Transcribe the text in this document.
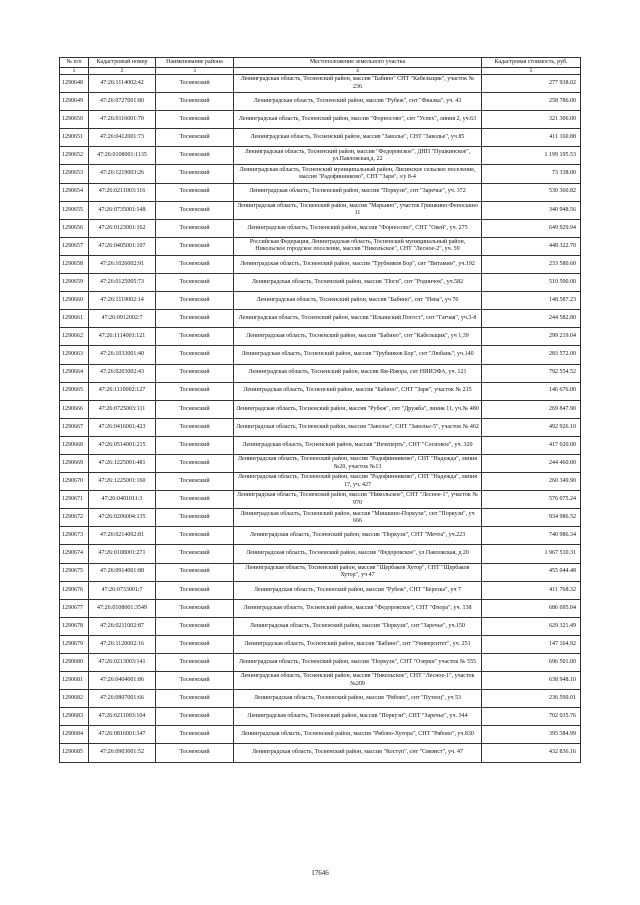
№ п/п	Кадастровый номер	Наименование района	Местоположение земельного участка	Кадастровая стоимость, руб.
1	2	3	4	5
1290648	47:26:1114002:42	Тосненский	Ленинградская область, Тосненский район, массив "Бабино" СНТ "Кабельщик", участок № 236	277 938.02
1290649	47:26:0727001:80	Тосненский	Ленинградская область, Тосненский район, массив "Рубеж", снт "Фиалка", уч. 43	258 786.00
1290650	47:26:0116001:70	Тосненский	Ленинградская область, Тосненский район, массив "Форносово", снт "Успех", линия 2, уч.63	321 306.00
1290651	47:26:0412001:73	Тосненский	Ленинградская область, Тосненский район, массив "Заволье", СНТ "Заволье", уч 85	411 160.88
1290652	47:26:0108001:1135	Тосненский	Ленинградская область, Тосненский район, массив "Федоровское", ДНП "Пушкинское", ул.Павловская,д. 22	1 199 195.53
1290653	47:26:1219003:26	Тосненский	Ленинградская область, Тосненский муниципальный район, Лисинское сельское поселение, массив "Радофинниково", СНТ "Заря", з/у 8-4	73 338.00
1290654	47:26:0211003:116	Тосненский	Ленинградская область, Тосненский район, массив "Поркузи", снт "Заречье", уч. 372	530 360.82
1290655	47:26:0735001:148	Тосненский	Ленинградская область, Тосненский район, массив "Марьино", участок Гришкино-Феносьино 11	340 948.56
1290656	47:26:0123001:162	Тосненский	Ленинградская область, Тосненский район, массив "Форносово", СНТ "Окей", уч. 275	649 929.94
1290657	47:26:0405001:107	Тосненский	Российская Федерация, Ленинградская область, Тосненский муниципальный район, Никольское городское поселение, массив "Никольское", СНТ "Лесное-2", уч. 59	448 322.70
1290658	47:26:1026002:91	Тосненский	Ленинградская область, Тосненский район, массив "Трубников Бор", снт "Витамин", уч.192	233 580.60
1290659	47:26:0125005:73	Тосненский	Ленинградская область, Тосненский район, массив "Поги", снт "Родничок", уч.582	510 500.00
1290660	47:26:1119002:14	Тосненский	Ленинградская область, Тосненский район, массив "Бабино", снт "Нева", уч 76	148 587.23
1290661	47:26:0912002:7	Тосненский	Ленинградская область, Тосненский район, массив "Ильинский Погост", снт "Гатчая", уч.3-8	244 582.80
1290662	47:26:1114001:121	Тосненский	Ленинградская область, Тосненский район, массив "Бабино", снт "Кабельщик", уч 1,39	299 219.04
1290663	47:26:1033001:40	Тосненский	Ленинградская область, Тосненский район, массив "Трубников Бор", снт "Любань", уч.140	283 572.00
1290664	47:26:0203002:43	Тосненский	Ленинградская область, Тосненский район, массив Ям-Ижора, снт НИИЭФА, уч. 121	792 554.52
1290665	47:26:1110002:127	Тосненский	Ленинградская область, Тосненский район, массив "Бабино", СНТ "Заря", участок № 215	146 676.00
1290666	47:26:0725003:111	Тосненский	Ленинградская область, Тосненский район, массив "Рубеж", снт "Дружба", линия 11, уч.№ 480	269 847.90
1290667	47:26:0416001:423	Тосненский	Ленинградская область, Тосненский район, массив "Заволье", СНТ "Заволье-5", участок № 462	492 926.10
1290668	47:26:0514001:215	Тосненский	Ленинградская область, Тосненский район, массив "Нечеперть", СНТ "Сосновое", уч. 320	417 020.00
1290669	47:26:1225001:481	Тосненский	Ленинградская область, Тосненский район, массив "Радофинниково", СНТ "Надежда", линия №20, участок №13	244 460.00
1290670	47:26:1225001:160	Тосненский	Ленинградская область, Тосненский район, массив "Радофинниково", СНТ "Надежда", линия 17, уч. 427	260 349.90
1290671	47:26:0401011:3	Тосненский	Ленинградская область, Тосненский район, массив "Никольское", СНТ "Лесное-1", участок № 970	576 075.24
1290672	47:26:0206004:135	Тосненский	Ленинградская область, Тосненский район, массив "Мишкино-Поркузи", снт "Поркузи", уч 666	934 986.52
1290673	47:26:0214002:81	Тосненский	Ленинградская область, Тосненский район, массив "Поркузи", СНТ "Мечта", уч.223	740 986.34
1290674	47:26:0108001:271	Тосненский	Ленинградская область, Тосненский район, массив "Федоровское", ул Павловская, д 20	1 967 510.31
1290675	47:26:0914001:88	Тосненский	Ленинградская область, Тосненский район, массив "Щербаков Хутор", СНТ "Щербаков Хутор", уч 47	455 044.48
1290676	47:26:0733001:7	Тосненский	Ленинградская область, Тосненский район, массив "Рубеж", СНТ "Березка", уч 7	411 768.32
1290677	47:26:0108001:3549	Тосненский	Ленинградская область, Тосненский район, массив "Федоровское", СНТ "Флора", уч. 138	686 695.04
1290678	47:26:0211002:87	Тосненский	Ленинградская область, Тосненский район, массив "Поркузи", снт "Заречье", уч.150	629 321.49
1290679	47:26:1120002:16	Тосненский	Ленинградская область, Тосненский район, массив "Бабино", снт "Университет", уч. 251	147 164.92
1290680	47:26:0213003:141	Тосненский	Ленинградская область, Тосненский район, массив "Поркузи", СНТ "Озерки" участок № 555	696 501.00
1290681	47:26:0404001:86	Тосненский	Ленинградская область, Тосненский район, массив "Никольское", СНТ "Лесное-1", участок №209	638 948.10
1290682	47:26:0807001:66	Тосненский	Ленинградская область, Тосненский район, массив "Рябово", снт "Путеец", уч 53	236 599.01
1290683	47:26:0211003:104	Тосненский	Ленинградская область, Тосненский район, массив "Поркузи", СНТ "Заречье", уч. 344	702 035.76
1290684	47:26:0816001:347	Тосненский	Ленинградская область, Тосненский район, массив "Рябово-Хутора", СНТ "Рябово", уч.830	395 384.99
1290685	47:26:0903001:52	Тосненский	Ленинградская область, Тосненский район, массив "Коступ", снт "Связист", уч. 47	432 836.16
17646
